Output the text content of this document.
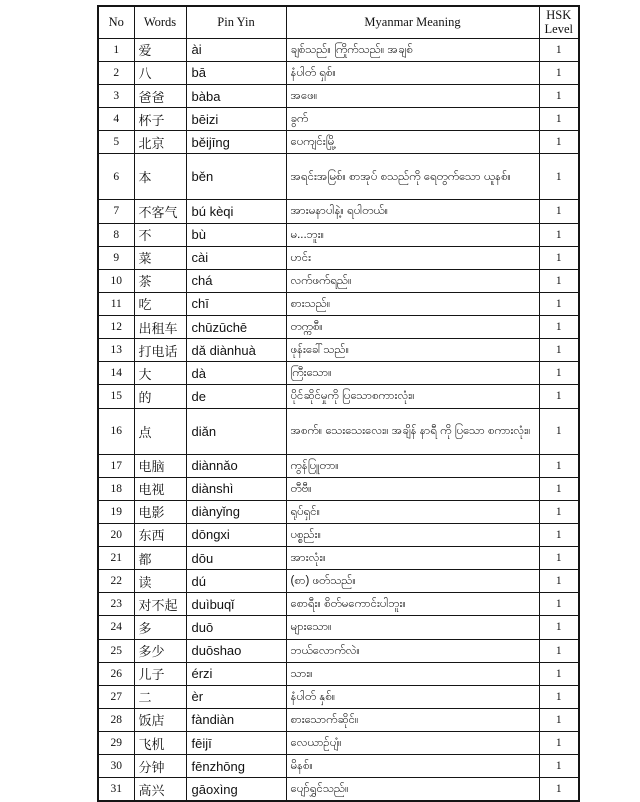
No	Words	Pin Yin	Myanmar Meaning	HSK Level
1	爱	ài	ချစ်သည်။ ကြိုက်သည်။ အချစ်	1
2	八	bā	နံပါတ် ရှစ်။	1
3	爸爸	bàba	အဖေ။	1
4	杯子	bēizi	ခွက်	1
5	北京	běijīng	ပေကျင်းမြို့	1
6	本	běn	အရင်းအမြစ်။ စာအုပ် စသည်ကို ရေတွက်သော ယူနစ်။	1
7	不客气	bú kèqi	အားမနာပါနဲ့။ ရပါတယ်။	1
8	不	bù	မ...ဘူး။	1
9	菜	cài	ဟင်း	1
10	茶	chá	လက်ဖက်ရည်။	1
11	吃	chī	စားသည်။	1
12	出租车	chūzūchē	တက္ကစီ။	1
13	打电话	dǎ diànhuà	ဖုန်းခေါ်သည်။	1
14	大	dà	ကြီးသော။	1
15	的	de	ပိုင်ဆိုင်မှုကို ပြသောစကားလုံး။	1
16	点	diǎn	အစက်။ သေးသေးလေး။ အချိန် နာရီ ကို ပြသော စကားလုံး။	1
17	电脑	diànnǎo	ကွန်ပြူတာ။	1
18	电视	diànshì	တီဗီ။	1
19	电影	diànyǐng	ရုပ်ရှင်။	1
20	东西	dōngxi	ပစ္စည်း။	1
21	都	dōu	အားလုံး။	1
22	读	dú	(စာ) ဖတ်သည်။	1
23	对不起	duìbuqǐ	စောရီး။ စိတ်မကောင်းပါဘူး။	1
24	多	duō	များသော။	1
25	多少	duōshao	ဘယ်လောက်လဲ။	1
26	儿子	érzi	သား။	1
27	二	èr	နံပါတ် နှစ်။	1
28	饭店	fàndiàn	စားသောက်ဆိုင်။	1
29	飞机	fēijī	လေယာဉ်ပျံ။	1
30	分钟	fēnzhōng	မိနစ်။	1
31	高兴	gāoxìng	ပျော်ရွှင်သည်။	1
